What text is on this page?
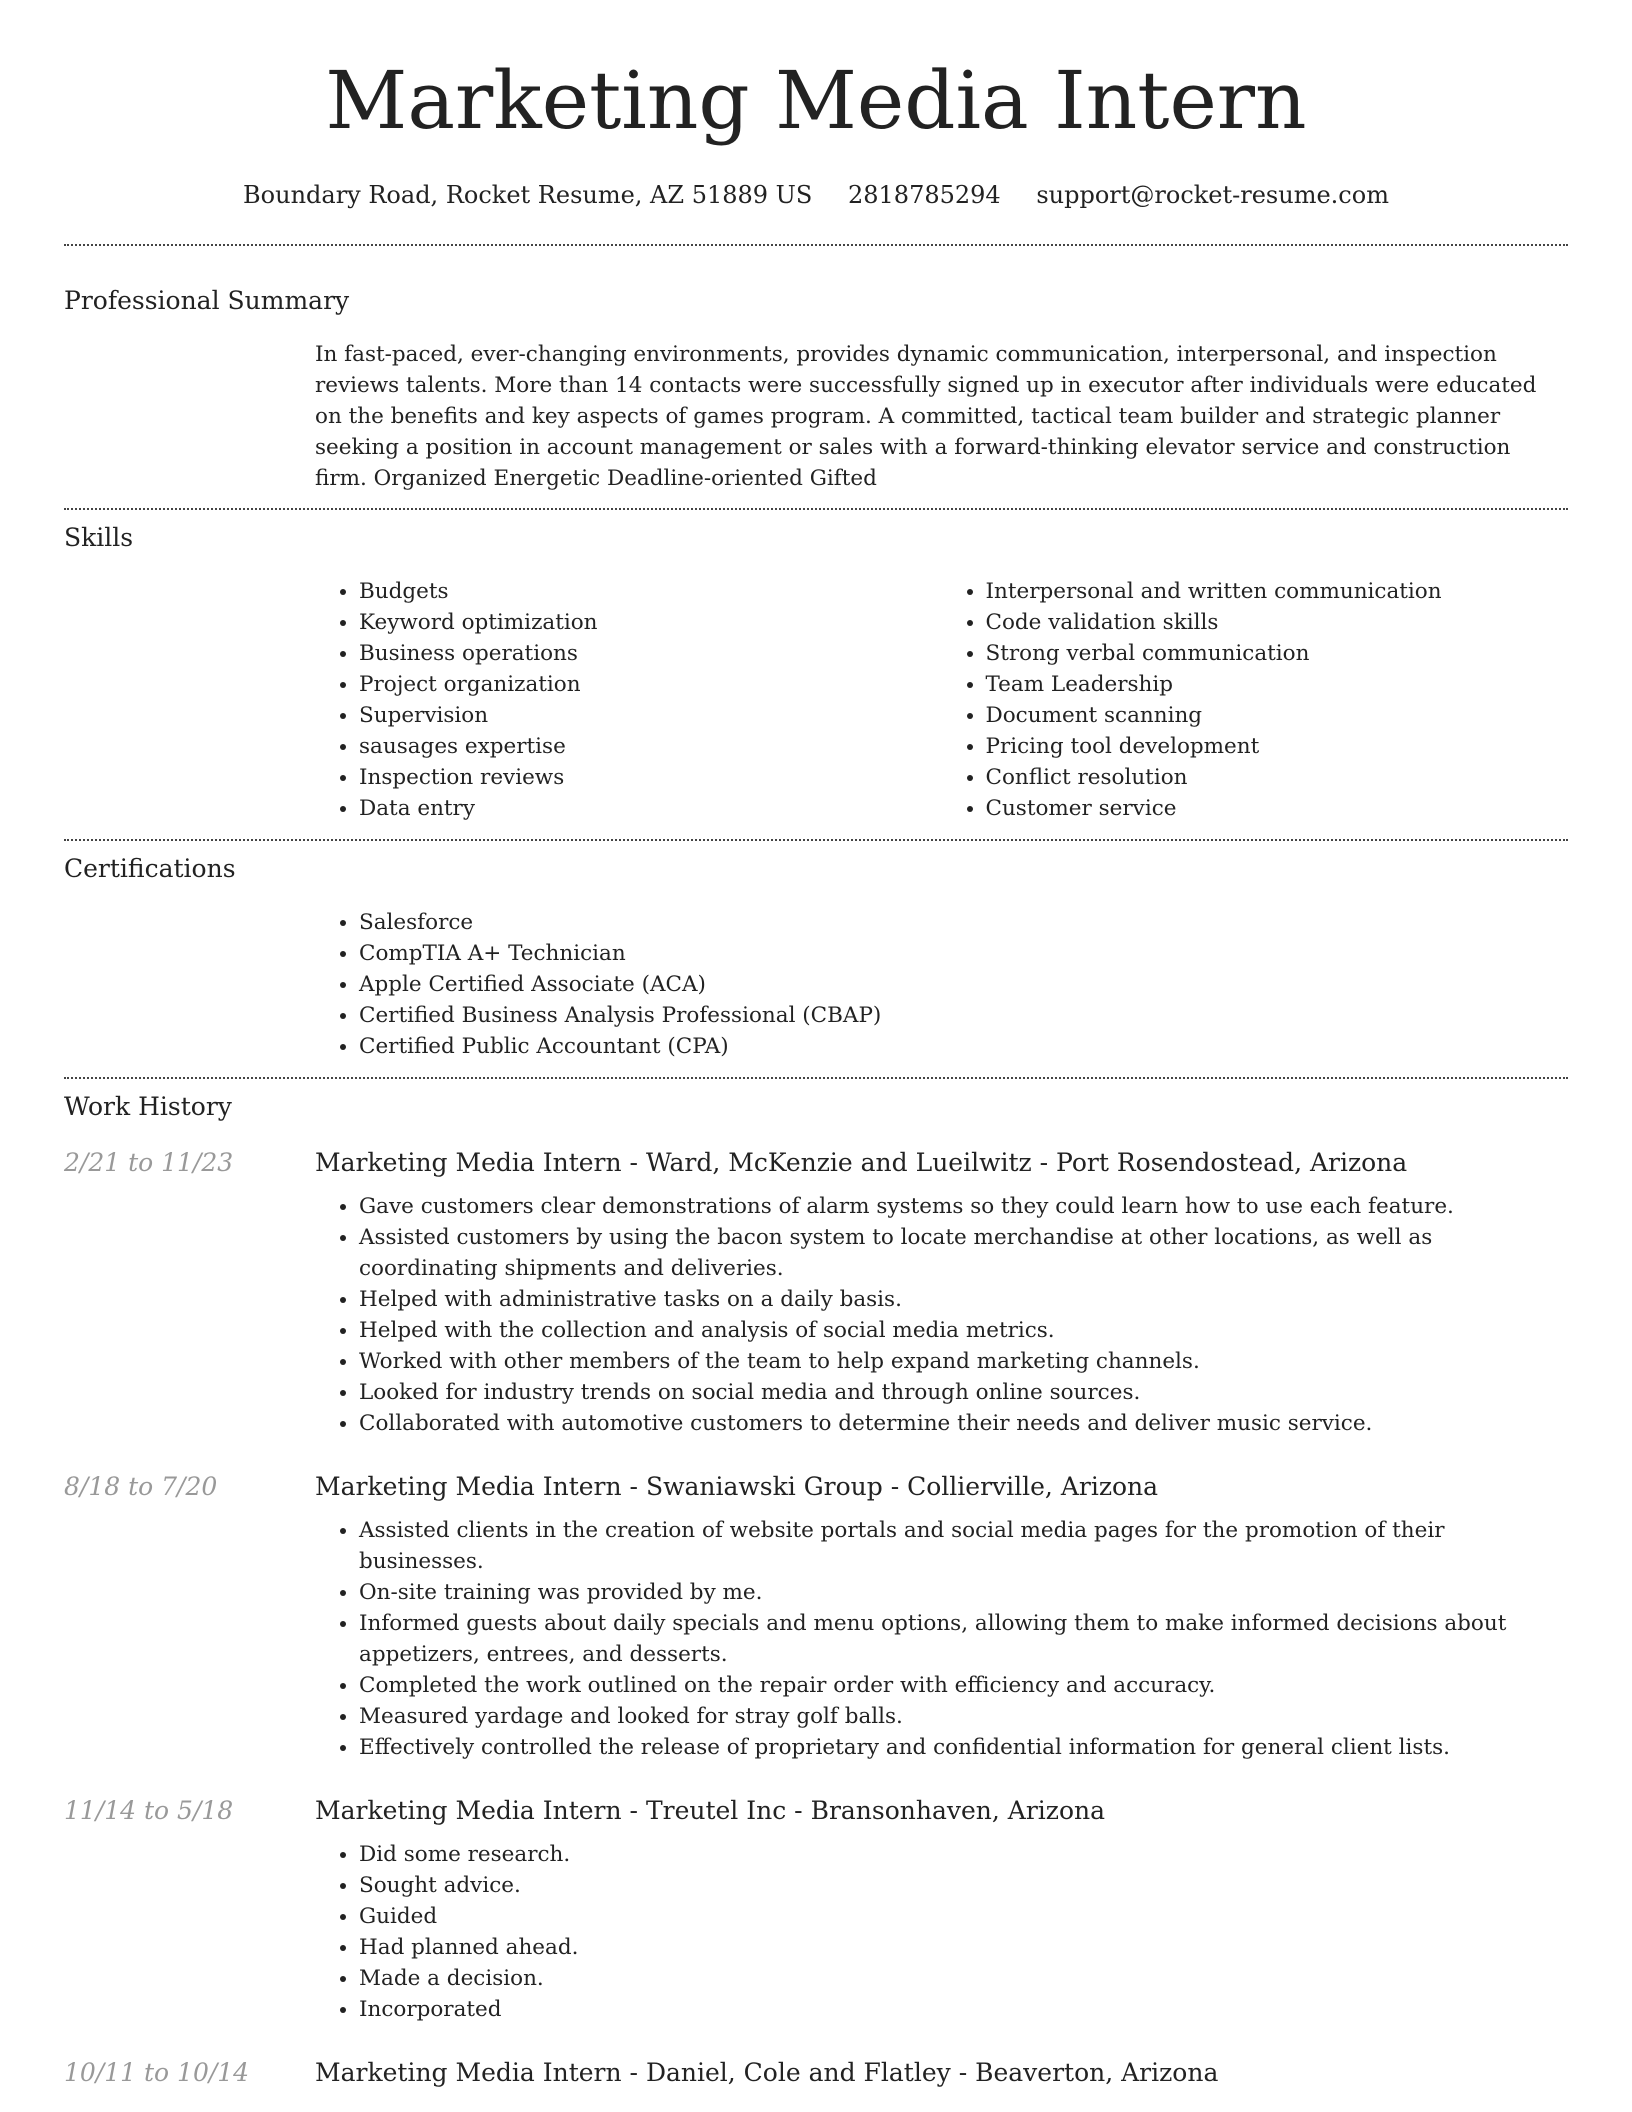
Marketing Media Intern
Boundary Road, Rocket Resume, AZ 51889 US 2818785294 support@rocket-resume.com
Professional Summary

In fast-paced, ever-changing environments, provides dynamic communication, interpersonal, and inspection reviews talents. More than 14 contacts were successfully signed up in executor after individuals were educated on the benefits and key aspects of games program. A committed, tactical team builder and strategic planner seeking a position in account management or sales with a forward-thinking elevator service and construction firm. Organized Energetic Deadline-oriented Gifted

Skills
• Budgets
• Keyword optimization
• Business operations
• Project organization
• Supervision
• sausages expertise
• Inspection reviews
• Data entry
• Interpersonal and written communication
• Code validation skills
• Strong verbal communication
• Team Leadership
• Document scanning
• Pricing tool development
• Conflict resolution
• Customer service
Certifications
• Salesforce
• CompTIA A+ Technician
• Apple Certified Associate (ACA)
• Certified Business Analysis Professional (CBAP)
• Certified Public Accountant (CPA)
Work History
2/21 to 11/23	Marketing Media Intern - Ward, McKenzie and Lueilwitz - Port Rosendostead, Arizona
• Gave customers clear demonstrations of alarm systems so they could learn how to use each feature.
• Assisted customers by using the bacon system to locate merchandise at other locations, as well as coordinating shipments and deliveries.
• Helped with administrative tasks on a daily basis.
• Helped with the collection and analysis of social media metrics.
• Worked with other members of the team to help expand marketing channels.
• Looked for industry trends on social media and through online sources.
• Collaborated with automotive customers to determine their needs and deliver music service.
8/18 to 7/20	Marketing Media Intern - Swaniawski Group - Collierville, Arizona
• Assisted clients in the creation of website portals and social media pages for the promotion of their businesses.
• On-site training was provided by me.
• Informed guests about daily specials and menu options, allowing them to make informed decisions about appetizers, entrees, and desserts.
• Completed the work outlined on the repair order with efficiency and accuracy.
• Measured yardage and looked for stray golf balls.
• Effectively controlled the release of proprietary and confidential information for general client lists.
11/14 to 5/18	Marketing Media Intern - Treutel Inc - Bransonhaven, Arizona
• Did some research.
• Sought advice.
• Guided
• Had planned ahead.
• Made a decision.
• Incorporated
10/11 to 10/14	Marketing Media Intern - Daniel, Cole and Flatley - Beaverton, Arizona
